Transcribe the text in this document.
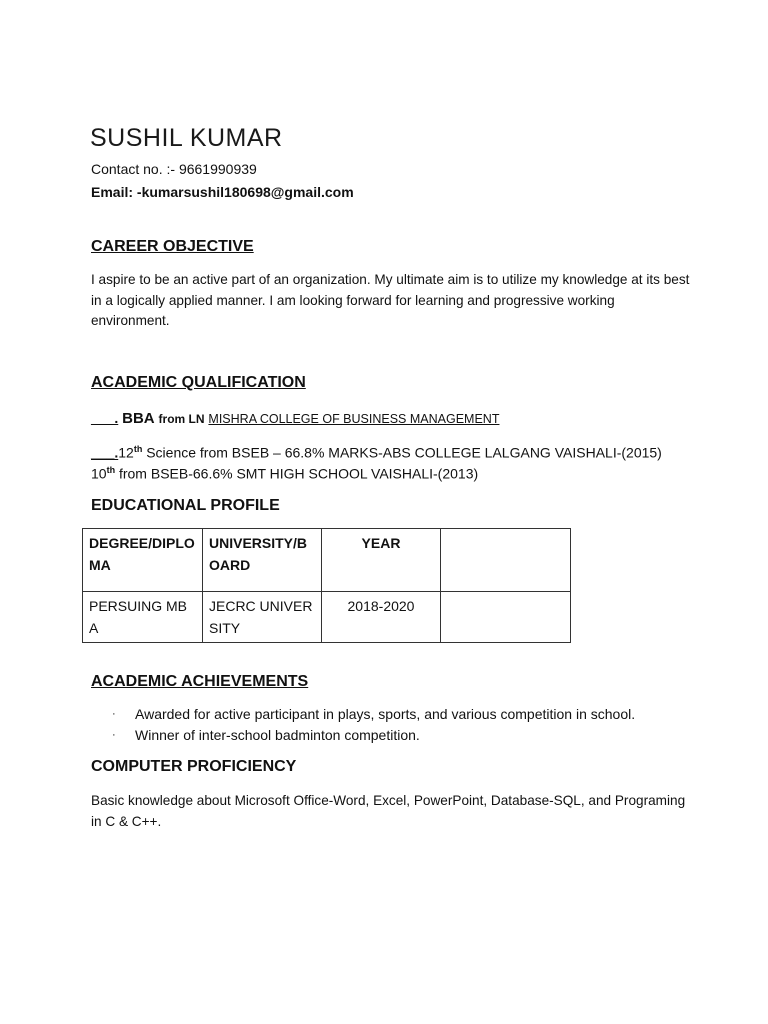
SUSHIL KUMAR
Contact no. :- 9661990939
Email: -kumarsushil180698@gmail.com
CAREER OBJECTIVE
I aspire to be an active part of an organization. My ultimate aim is to utilize my knowledge at its best in a logically applied manner. I am looking forward for learning and progressive working environment.
ACADEMIC QUALIFICATION
___. BBA from LN MISHRA COLLEGE OF BUSINESS MANAGEMENT
___.12th Science from BSEB – 66.8% MARKS-ABS COLLEGE LALGANG VAISHALI-(2015)
10th from BSEB-66.6% SMT HIGH SCHOOL VAISHALI-(2013)
EDUCATIONAL PROFILE
DEGREE/DIPLOMA	UNIVERSITY/BOARD	YEAR	
PERSUING MBA	JECRC UNIVERSITY	2018-2020	
ACADEMIC ACHIEVEMENTS
· Awarded for active participant in plays, sports, and various competition in school.
· Winner of inter-school badminton competition.
COMPUTER PROFICIENCY
Basic knowledge about Microsoft Office-Word, Excel, PowerPoint, Database-SQL, and Programing in C & C++.
